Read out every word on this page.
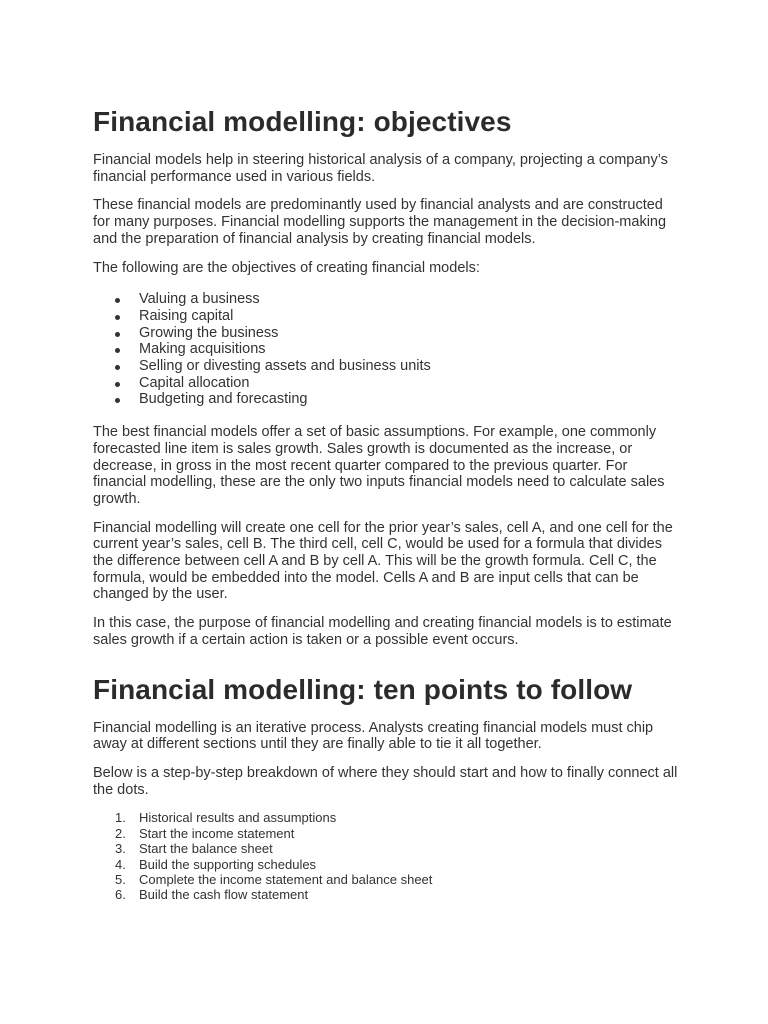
Financial modelling: objectives

Financial models help in steering historical analysis of a company, projecting a company’s financial performance used in various fields.

These financial models are predominantly used by financial analysts and are constructed for many purposes. Financial modelling supports the management in the decision-making and the preparation of financial analysis by creating financial models.

The following are the objectives of creating financial models:

Valuing a business
Raising capital
Growing the business
Making acquisitions
Selling or divesting assets and business units
Capital allocation
Budgeting and forecasting

The best financial models offer a set of basic assumptions. For example, one commonly forecasted line item is sales growth. Sales growth is documented as the increase, or decrease, in gross in the most recent quarter compared to the previous quarter. For financial modelling, these are the only two inputs financial models need to calculate sales growth.

Financial modelling will create one cell for the prior year’s sales, cell A, and one cell for the current year’s sales, cell B. The third cell, cell C, would be used for a formula that divides the difference between cell A and B by cell A. This will be the growth formula. Cell C, the formula, would be embedded into the model. Cells A and B are input cells that can be changed by the user.

In this case, the purpose of financial modelling and creating financial models is to estimate sales growth if a certain action is taken or a possible event occurs.

Financial modelling: ten points to follow

Financial modelling is an iterative process. Analysts creating financial models must chip away at different sections until they are finally able to tie it all together.

Below is a step-by-step breakdown of where they should start and how to finally connect all the dots.

1. Historical results and assumptions
2. Start the income statement
3. Start the balance sheet
4. Build the supporting schedules
5. Complete the income statement and balance sheet
6. Build the cash flow statement
